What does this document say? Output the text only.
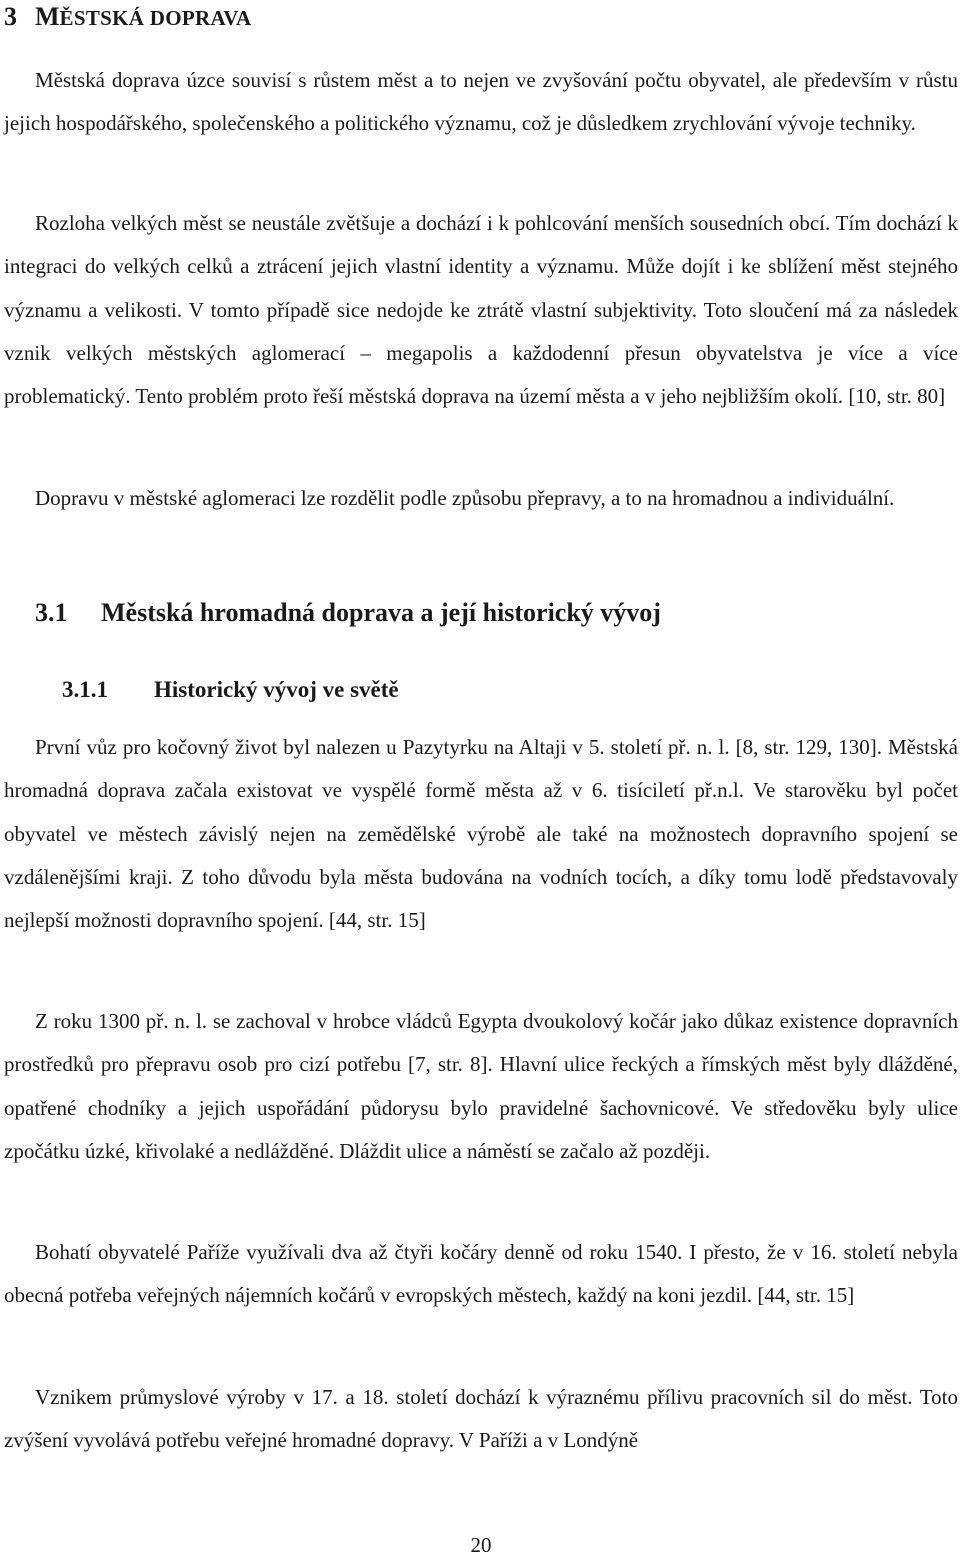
3 MĚSTSKÁ DOPRAVA

Městská doprava úzce souvisí s růstem měst a to nejen ve zvyšování počtu obyvatel, ale především v růstu jejich hospodářského, společenského a politického významu, což je důsledkem zrychlování vývoje techniky.

Rozloha velkých měst se neustále zvětšuje a dochází i k pohlcování menších sousedních obcí. Tím dochází k integraci do velkých celků a ztrácení jejich vlastní identity a významu. Může dojít i ke sblížení měst stejného významu a velikosti. V tomto případě sice nedojde ke ztrátě vlastní subjektivity. Toto sloučení má za následek vznik velkých městských aglomerací – megapolis a každodenní přesun obyvatelstva je více a více problematický. Tento problém proto řeší městská doprava na území města a v jeho nejbližším okolí. [10, str. 80]

Dopravu v městské aglomeraci lze rozdělit podle způsobu přepravy, a to na hromadnou a individuální.

3.1 Městská hromadná doprava a její historický vývoj
3.1.1 Historický vývoj ve světě

První vůz pro kočovný život byl nalezen u Pazytyrku na Altaji v 5. století př. n. l. [8, str. 129, 130]. Městská hromadná doprava začala existovat ve vyspělé formě města až v 6. tisíciletí př.n.l. Ve starověku byl počet obyvatel ve městech závislý nejen na zemědělské výrobě ale také na možnostech dopravního spojení se vzdálenějšími kraji. Z toho důvodu byla města budována na vodních tocích, a díky tomu lodě představovaly nejlepší možnosti dopravního spojení. [44, str. 15]

Z roku 1300 př. n. l. se zachoval v hrobce vládců Egypta dvoukolový kočár jako důkaz existence dopravních prostředků pro přepravu osob pro cizí potřebu [7, str. 8]. Hlavní ulice řeckých a římských měst byly dlážděné, opatřené chodníky a jejich uspořádání půdorysu bylo pravidelné šachovnicové. Ve středověku byly ulice zpočátku úzké, křivolaké a nedlážděné. Dláždit ulice a náměstí se začalo až později.

Bohatí obyvatelé Paříže využívali dva až čtyři kočáry denně od roku 1540. I přesto, že v 16. století nebyla obecná potřeba veřejných nájemních kočárů v evropských městech, každý na koni jezdil. [44, str. 15]

Vznikem průmyslové výroby v 17. a 18. století dochází k výraznému přílivu pracovních sil do měst. Toto zvýšení vyvolává potřebu veřejné hromadné dopravy. V Paříži a v Londýně

20
